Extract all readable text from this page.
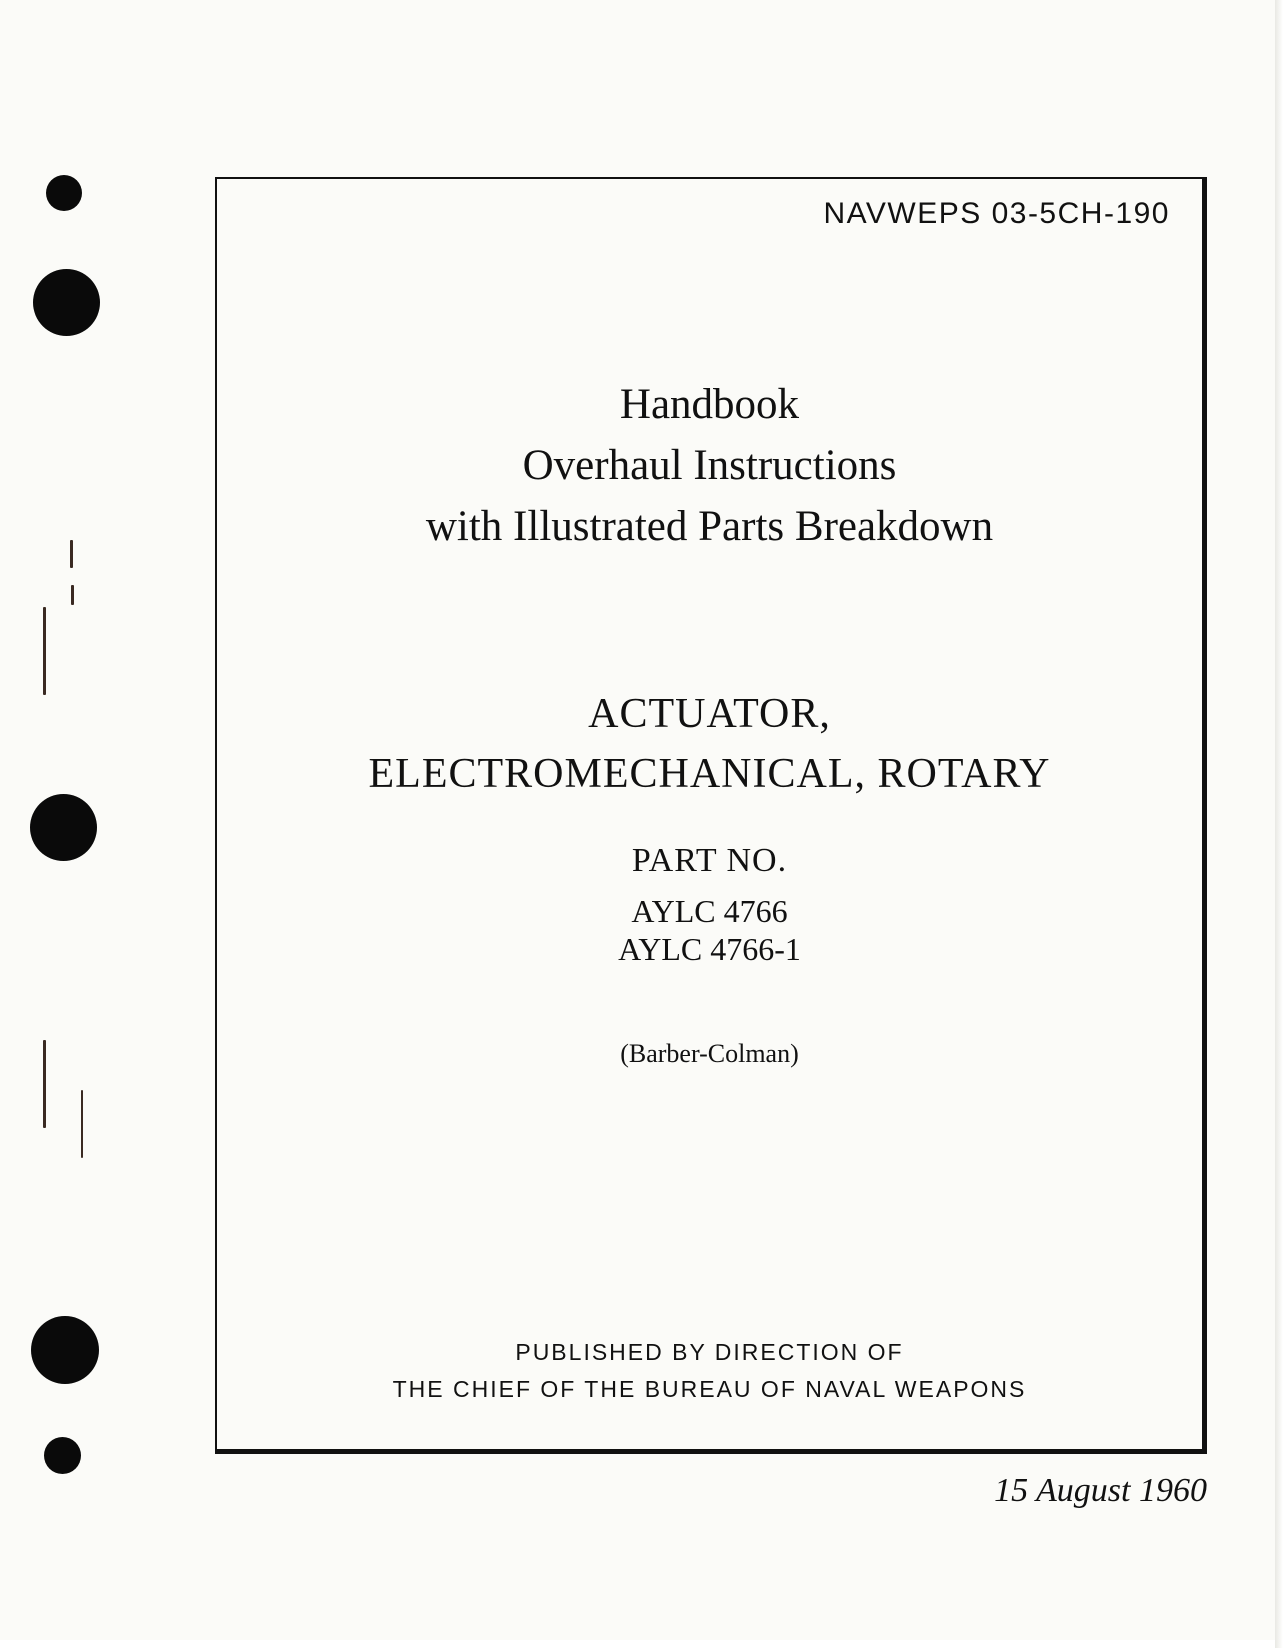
NAVWEPS 03-5CH-190
Handbook
Overhaul Instructions
with Illustrated Parts Breakdown
ACTUATOR,
ELECTROMECHANICAL, ROTARY
PART NO.
AYLC 4766
AYLC 4766-1
(Barber-Colman)
PUBLISHED BY DIRECTION OF
THE CHIEF OF THE BUREAU OF NAVAL WEAPONS
15 August 1960
